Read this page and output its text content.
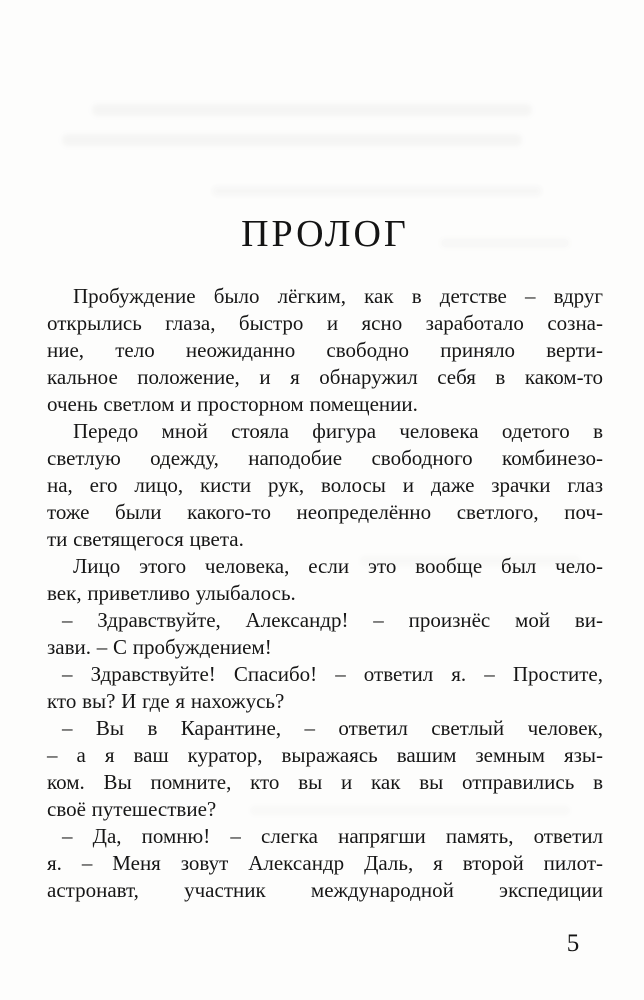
ПРОЛОГ
Пробуждение было лёгким, как в детстве – вдруг
открылись глаза, быстро и ясно заработало созна-
ние, тело неожиданно свободно приняло верти-
кальное положение, и я обнаружил себя в каком-то
очень светлом и просторном помещении.
Передо мной стояла фигура человека одетого в
светлую одежду, наподобие свободного комбинезо-
на, его лицо, кисти рук, волосы и даже зрачки глаз
тоже были какого-то неопределённо светлого, поч-
ти светящегося цвета.
Лицо этого человека, если это вообще был чело-
век, приветливо улыбалось.
– Здравствуйте, Александр! – произнёс мой ви-
зави. – С пробуждением!
– Здравствуйте! Спасибо! – ответил я. – Простите,
кто вы? И где я нахожусь?
– Вы в Карантине, – ответил светлый человек,
– а я ваш куратор, выражаясь вашим земным язы-
ком. Вы помните, кто вы и как вы отправились в
своё путешествие?
– Да, помню! – слегка напрягши память, ответил
я. – Меня зовут Александр Даль, я второй пилот-
астронавт, участник международной экспедиции
5
